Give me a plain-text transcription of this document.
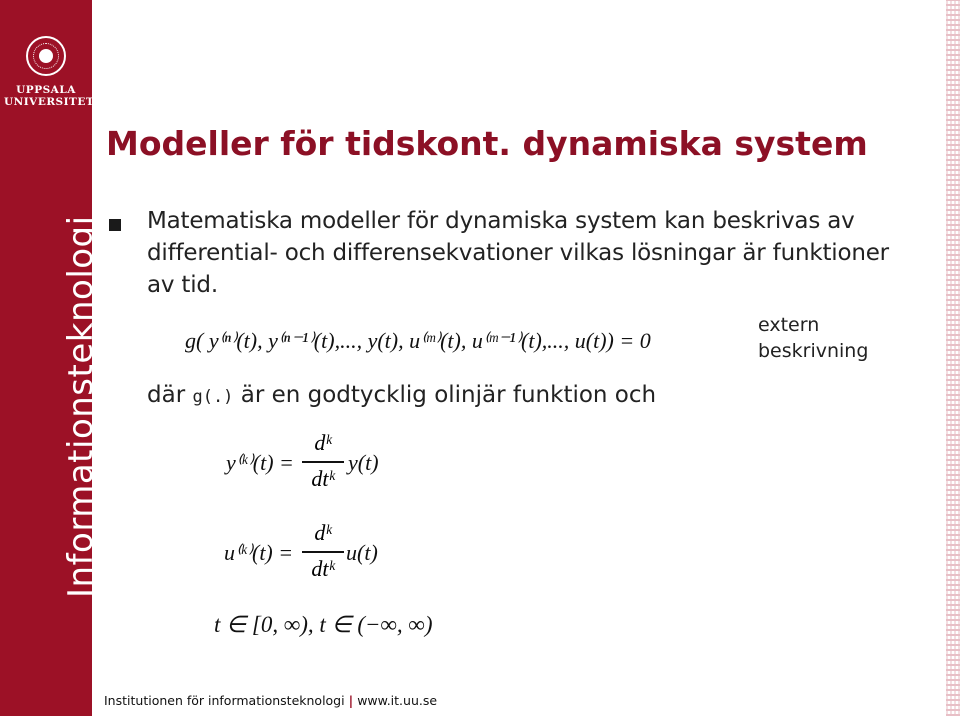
UPPSALA
UNIVERSITET
Informationsteknologi
Modeller för tidskont. dynamiska system

Matematiska modeller för dynamiska system kan beskrivas av differential- och differensekvationer vilkas lösningar är funktioner av tid.

g( y⁽ⁿ⁾(t), y⁽ⁿ⁻¹⁾(t),..., y(t), u⁽ᵐ⁾(t), u⁽ᵐ⁻¹⁾(t),..., u(t)) = 0
extern
beskrivning
där g(.) är en godtycklig olinjär funktion och
y⁽ᵏ⁾(t) =
dᵏ
dtᵏ
y(t)
u⁽ᵏ⁾(t) =
dᵏ
dtᵏ
u(t)
t ∈ [0, ∞), t ∈ (−∞, ∞)
Institutionen för informationsteknologi | www.it.uu.se
